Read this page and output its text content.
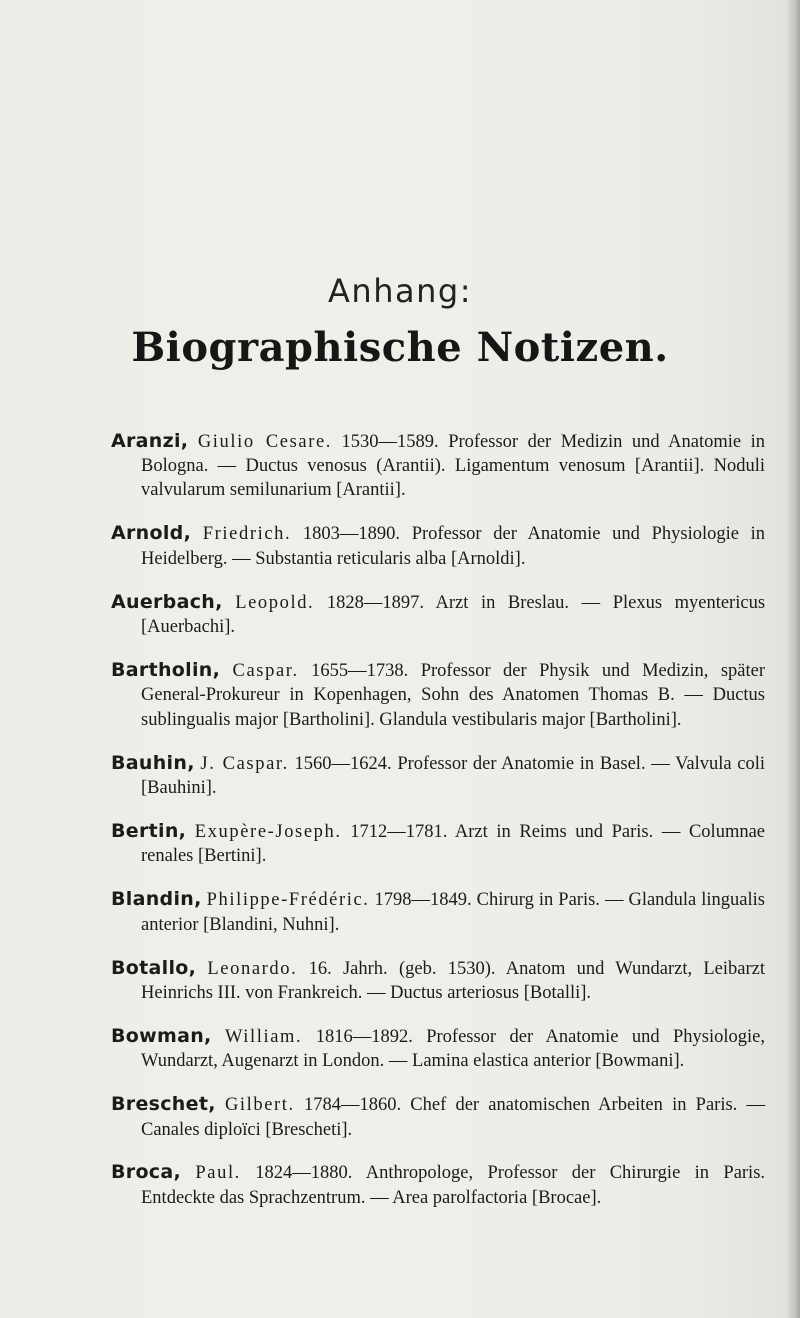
Anhang:
Biographische Notizen.

Aranzi, Giulio Cesare. 1530—1589. Professor der Medizin und Anatomie in Bologna. — Ductus venosus (Arantii). Ligamentum venosum [Arantii]. Noduli valvularum semilunarium [Arantii].

Arnold, Friedrich. 1803—1890. Professor der Anatomie und Physiologie in Heidelberg. — Substantia reticularis alba [Arnoldi].

Auerbach, Leopold. 1828—1897. Arzt in Breslau. — Plexus myentericus [Auerbachi].

Bartholin, Caspar. 1655—1738. Professor der Physik und Medizin, später General-Prokureur in Kopenhagen, Sohn des Anatomen Thomas B. — Ductus sublingualis major [Bartholini]. Glandula vestibularis major [Bartholini].

Bauhin, J. Caspar. 1560—1624. Professor der Anatomie in Basel. — Valvula coli [Bauhini].

Bertin, Exupère-Joseph. 1712—1781. Arzt in Reims und Paris. — Columnae renales [Bertini].

Blandin, Philippe-Frédéric. 1798—1849. Chirurg in Paris. — Glandula lingualis anterior [Blandini, Nuhni].

Botallo, Leonardo. 16. Jahrh. (geb. 1530). Anatom und Wundarzt, Leibarzt Heinrichs III. von Frankreich. — Ductus arteriosus [Botalli].

Bowman, William. 1816—1892. Professor der Anatomie und Physiologie, Wundarzt, Augenarzt in London. — Lamina elastica anterior [Bowmani].

Breschet, Gilbert. 1784—1860. Chef der anatomischen Arbeiten in Paris. — Canales diploïci [Brescheti].

Broca, Paul. 1824—1880. Anthropologe, Professor der Chirurgie in Paris. Entdeckte das Sprachzentrum. — Area parolfactoria [Brocae].
